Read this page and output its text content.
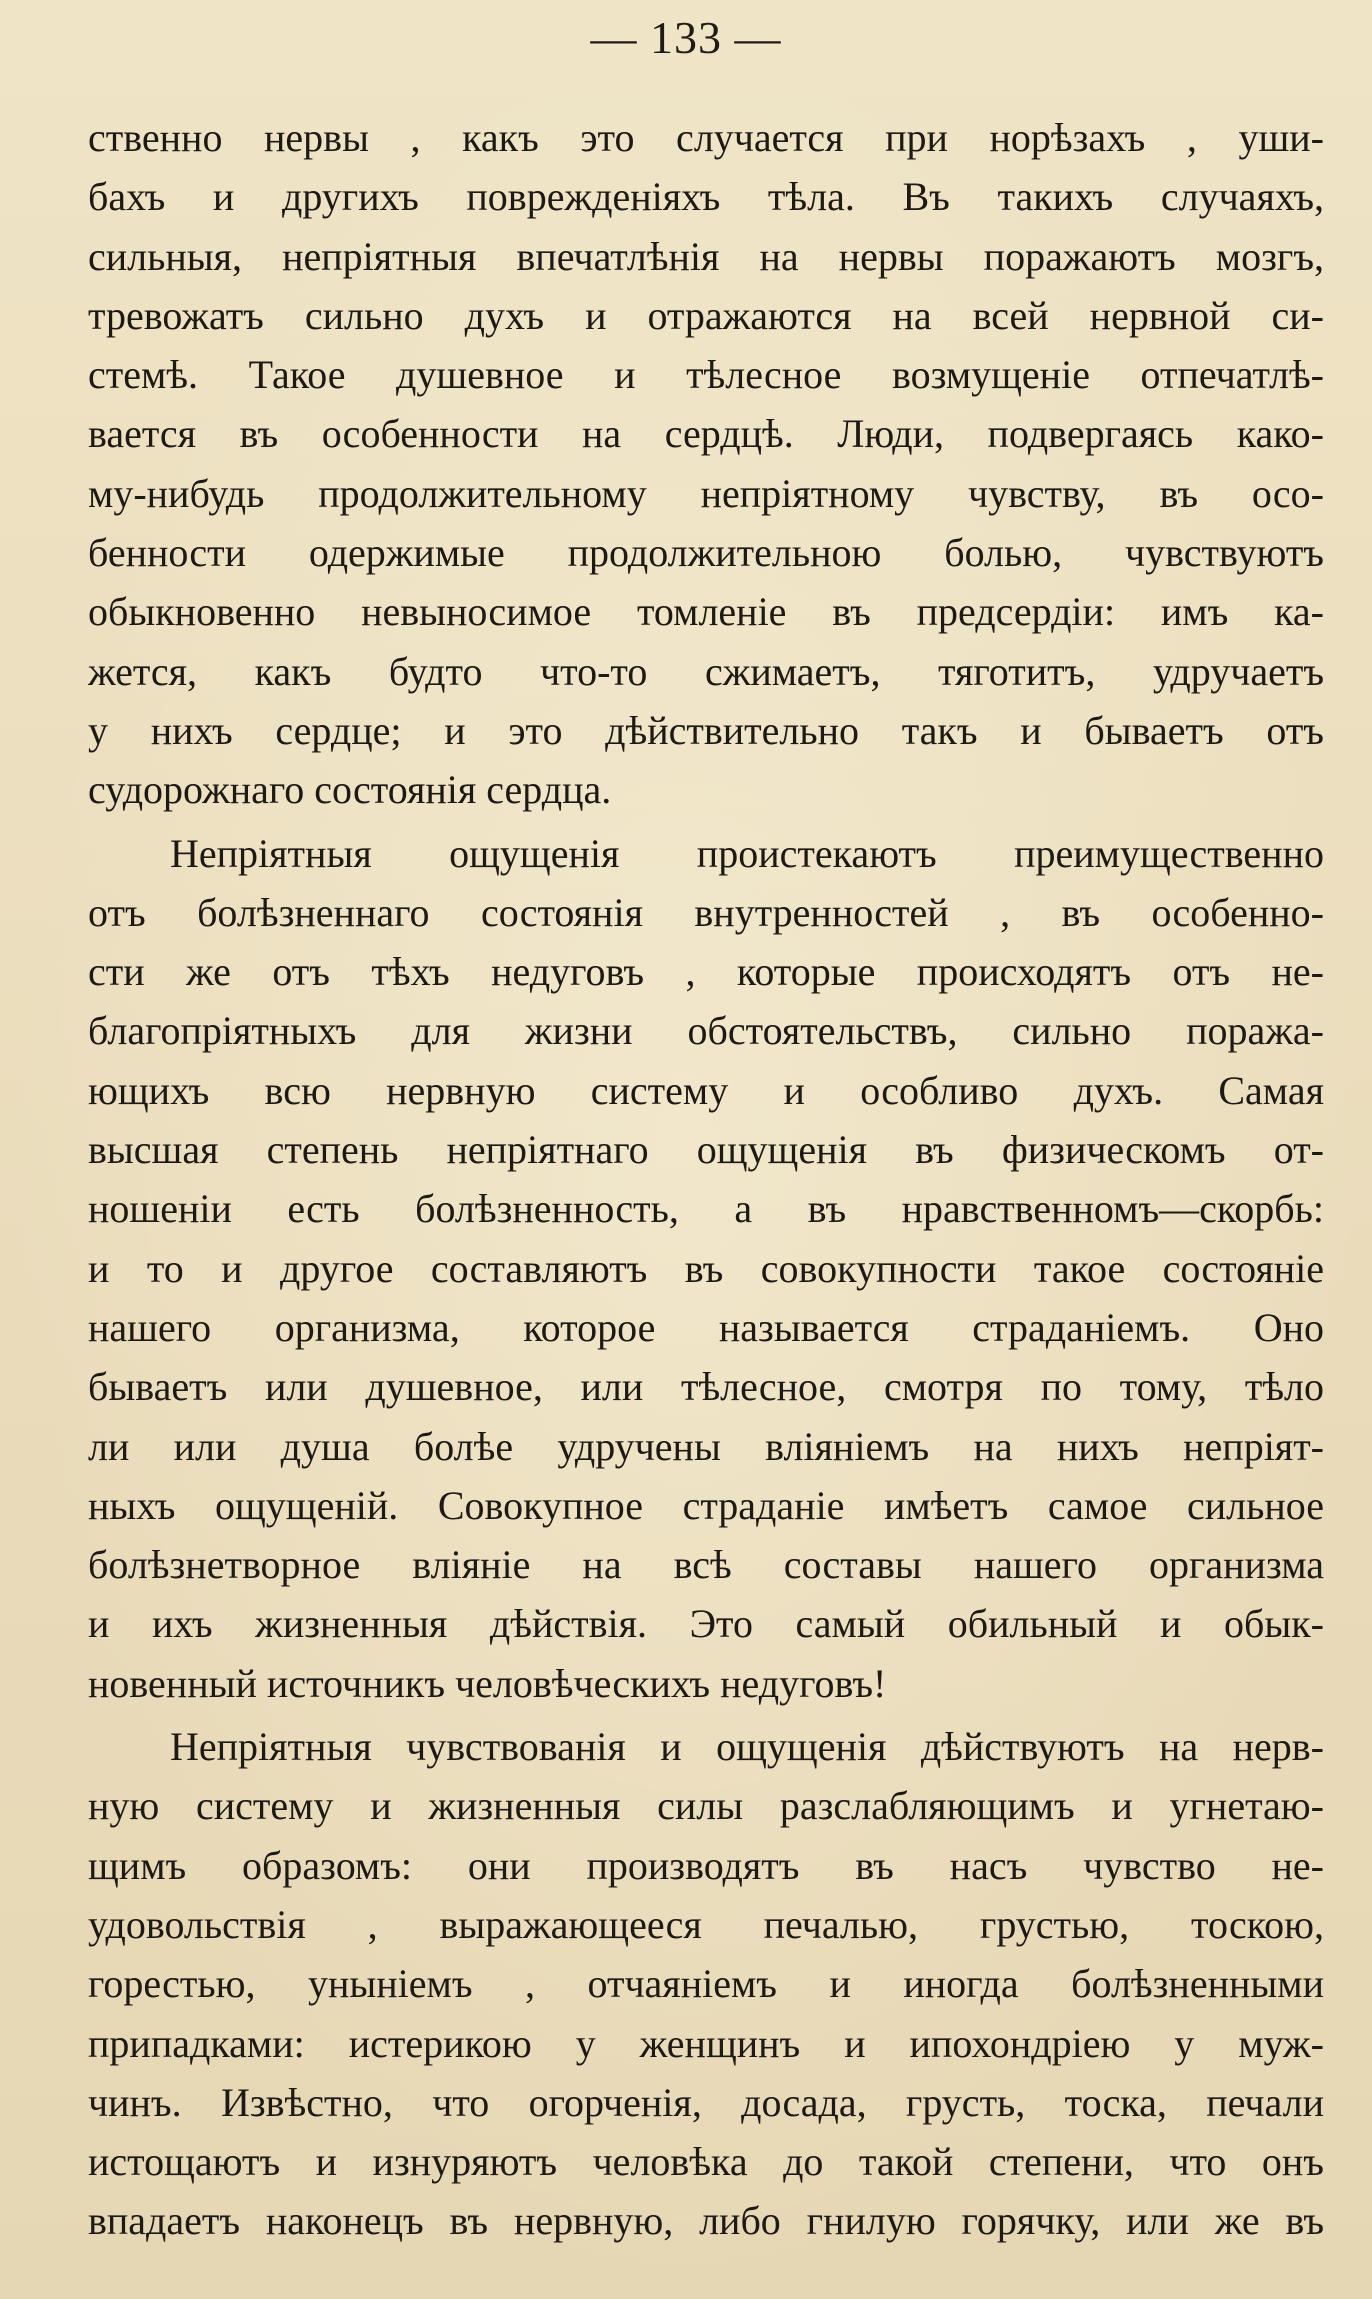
— 133 —
ственно нервы , какъ это случается при норѣзахъ , уши-
бахъ и другихъ поврежденіяхъ тѣла. Въ такихъ случаяхъ,
сильныя, непріятныя впечатлѣнія на нервы поражаютъ мозгъ,
тревожатъ сильно духъ и отражаются на всей нервной си-
стемѣ. Такое душевное и тѣлесное возмущеніе отпечатлѣ-
вается въ особенности на сердцѣ. Люди, подвергаясь како-
му-нибудь продолжительному непріятному чувству, въ осо-
бенности одержимые продолжительною болью, чувствуютъ
обыкновенно невыносимое томленіе въ предсердіи: имъ ка-
жется, какъ будто что-то сжимаетъ, тяготитъ, удручаетъ
у нихъ сердце; и это дѣйствительно такъ и бываетъ отъ
судорожнаго состоянія сердца.
Непріятныя ощущенія проистекаютъ преимущественно
отъ болѣзненнаго состоянія внутренностей , въ особенно-
сти же отъ тѣхъ недуговъ , которые происходятъ отъ не-
благопріятныхъ для жизни обстоятельствъ, сильно поража-
ющихъ всю нервную систему и особливо духъ. Самая
высшая степень непріятнаго ощущенія въ физическомъ от-
ношеніи есть болѣзненность, а въ нравственномъ—скорбь:
и то и другое составляютъ въ совокупности такое состояніе
нашего организма, которое называется страданіемъ. Оно
бываетъ или душевное, или тѣлесное, смотря по тому, тѣло
ли или душа болѣе удручены вліяніемъ на нихъ непріят-
ныхъ ощущеній. Совокупное страданіе имѣетъ самое сильное
болѣзнетворное вліяніе на всѣ составы нашего организма
и ихъ жизненныя дѣйствія. Это самый обильный и обык-
новенный источникъ человѣческихъ недуговъ!
Непріятныя чувствованія и ощущенія дѣйствуютъ на нерв-
ную систему и жизненныя силы разслабляющимъ и угнетаю-
щимъ образомъ: они производятъ въ насъ чувство не-
удовольствія , выражающееся печалью, грустью, тоскою,
горестью, уныніемъ , отчаяніемъ и иногда болѣзненными
припадками: истерикою у женщинъ и ипохондріею у муж-
чинъ. Извѣстно, что огорченія, досада, грусть, тоска, печали
истощаютъ и изнуряютъ человѣка до такой степени, что онъ
впадаетъ наконецъ въ нервную, либо гнилую горячку, или же въ
